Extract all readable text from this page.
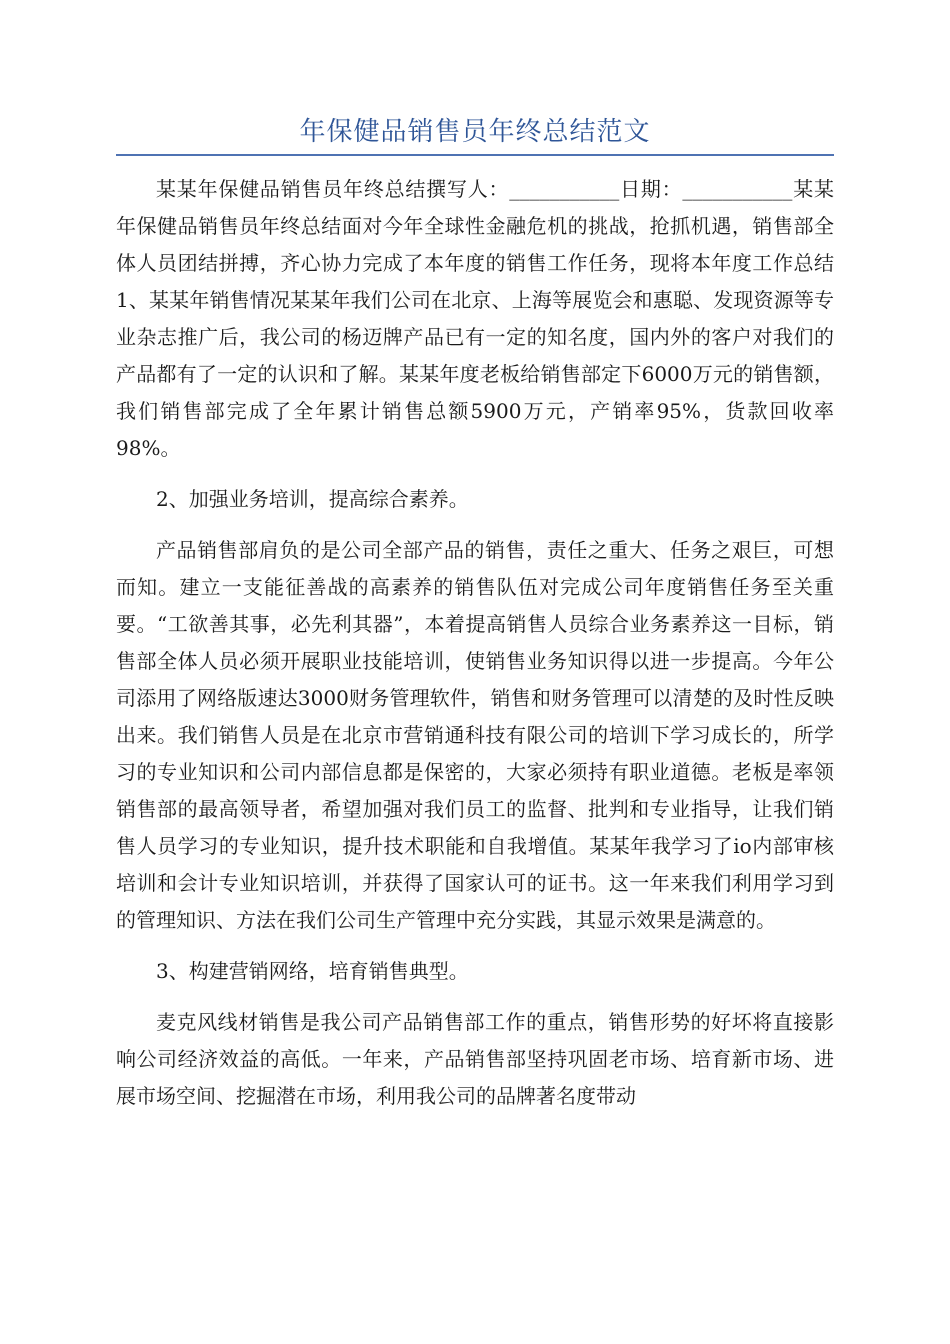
年保健品销售员年终总结范文

某某年保健品销售员年终总结撰写人：___________日期：___________某某年保健品销售员年终总结面对今年全球性金融危机的挑战，抢抓机遇，销售部全体人员团结拼搏，齐心协力完成了本年度的销售工作任务，现将本年度工作总结1、某某年销售情况某某年我们公司在北京、上海等展览会和惠聪、发现资源等专业杂志推广后，我公司的杨迈牌产品已有一定的知名度，国内外的客户对我们的产品都有了一定的认识和了解。某某年度老板给销售部定下6000万元的销售额，我们销售部完成了全年累计销售总额5900万元，产销率95%，货款回收率98%。

2、加强业务培训，提高综合素养。

产品销售部肩负的是公司全部产品的销售，责任之重大、任务之艰巨，可想而知。建立一支能征善战的高素养的销售队伍对完成公司年度销售任务至关重要。“工欲善其事，必先利其器”，本着提高销售人员综合业务素养这一目标，销售部全体人员必须开展职业技能培训，使销售业务知识得以进一步提高。今年公司添用了网络版速达3000财务管理软件，销售和财务管理可以清楚的及时性反映出来。我们销售人员是在北京市营销通科技有限公司的培训下学习成长的，所学习的专业知识和公司内部信息都是保密的，大家必须持有职业道德。老板是率领销售部的最高领导者，希望加强对我们员工的监督、批判和专业指导，让我们销售人员学习的专业知识，提升技术职能和自我增值。某某年我学习了io内部审核培训和会计专业知识培训，并获得了国家认可的证书。这一年来我们利用学习到的管理知识、方法在我们公司生产管理中充分实践，其显示效果是满意的。

3、构建营销网络，培育销售典型。

麦克风线材销售是我公司产品销售部工作的重点，销售形势的好坏将直接影响公司经济效益的高低。一年来，产品销售部坚持巩固老市场、培育新市场、进展市场空间、挖掘潜在市场，利用我公司的品牌著名度带动
